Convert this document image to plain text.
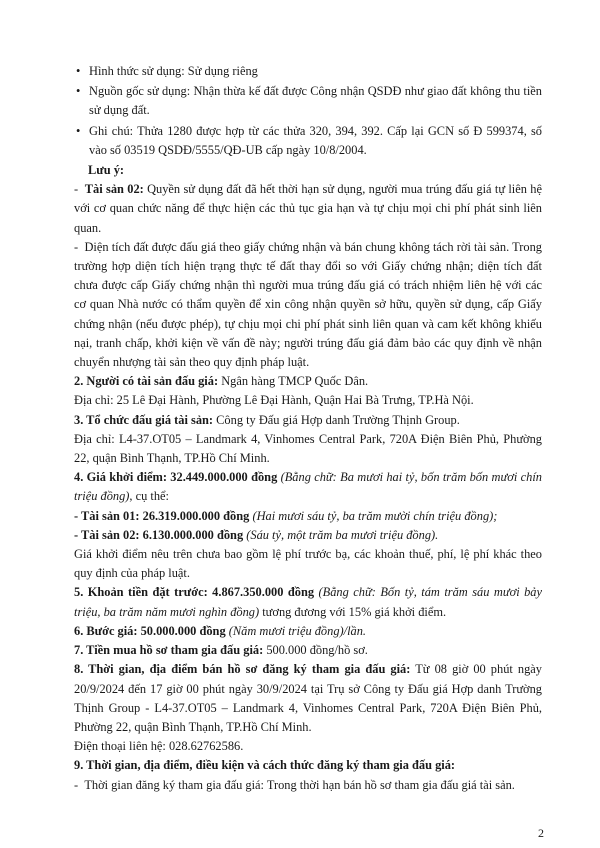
• Hình thức sử dụng: Sử dụng riêng

• Nguồn gốc sử dụng: Nhận thừa kế đất được Công nhận QSDĐ như giao đất không thu tiền sử dụng đất.

• Ghi chú: Thửa 1280 được hợp từ các thửa 320, 394, 392. Cấp lại GCN số Đ 599374, số vào số 03519 QSDĐ/5555/QĐ-UB cấp ngày 10/8/2004.

Lưu ý:

-  Tài sản 02: Quyền sử dụng đất đã hết thời hạn sử dụng, người mua trúng đấu giá tự liên hệ với cơ quan chức năng để thực hiện các thủ tục gia hạn và tự chịu mọi chi phí phát sinh liên quan.

-  Diện tích đất được đấu giá theo giấy chứng nhận và bán chung không tách rời tài sản. Trong trường hợp diện tích hiện trạng thực tế đất thay đổi so với Giấy chứng nhận; diện tích đất chưa được cấp Giấy chứng nhận thì người mua trúng đấu giá có trách nhiệm liên hệ với các cơ quan Nhà nước có thẩm quyền để xin công nhận quyền sở hữu, quyền sử dụng, cấp Giấy chứng nhận (nếu được phép), tự chịu mọi chi phí phát sinh liên quan và cam kết không khiếu nại, tranh chấp, khởi kiện về vấn đề này; người trúng đấu giá đảm bảo các quy định về nhận chuyển nhượng tài sản theo quy định pháp luật.

2. Người có tài sản đấu giá: Ngân hàng TMCP Quốc Dân.

Địa chỉ: 25 Lê Đại Hành, Phường Lê Đại Hành, Quận Hai Bà Trưng, TP.Hà Nội.

3. Tổ chức đấu giá tài sản: Công ty Đấu giá Hợp danh Trường Thịnh Group.

Địa chỉ: L4-37.OT05 – Landmark 4, Vinhomes Central Park, 720A Điện Biên Phủ, Phường 22, quận Bình Thạnh, TP.Hồ Chí Minh.

4. Giá khởi điểm: 32.449.000.000 đồng (Bằng chữ: Ba mươi hai tỷ, bốn trăm bốn mươi chín triệu đồng), cụ thể:

- Tài sản 01: 26.319.000.000 đồng (Hai mươi sáu tỷ, ba trăm mười chín triệu đồng);

- Tài sản 02: 6.130.000.000 đồng (Sáu tỷ, một trăm ba mươi triệu đồng).

Giá khởi điểm nêu trên chưa bao gồm lệ phí trước bạ, các khoản thuế, phí, lệ phí khác theo quy định của pháp luật.

5. Khoản tiền đặt trước: 4.867.350.000 đồng (Bằng chữ: Bốn tỷ, tám trăm sáu mươi bảy triệu, ba trăm năm mươi nghìn đồng) tương đương với 15% giá khởi điểm.

6. Bước giá: 50.000.000 đồng (Năm mươi triệu đồng)/lần.

7. Tiền mua hồ sơ tham gia đấu giá: 500.000 đồng/hồ sơ.

8. Thời gian, địa điểm bán hồ sơ đăng ký tham gia đấu giá: Từ 08 giờ 00 phút ngày 20/9/2024 đến 17 giờ 00 phút ngày 30/9/2024 tại Trụ sở Công ty Đấu giá Hợp danh Trường Thịnh Group - L4-37.OT05 – Landmark 4, Vinhomes Central Park, 720A Điện Biên Phủ, Phường 22, quận Bình Thạnh, TP.Hồ Chí Minh.

Điện thoại liên hệ: 028.62762586.

9. Thời gian, địa điểm, điều kiện và cách thức đăng ký tham gia đấu giá:

-  Thời gian đăng ký tham gia đấu giá: Trong thời hạn bán hồ sơ tham gia đấu giá tài sản.

2
